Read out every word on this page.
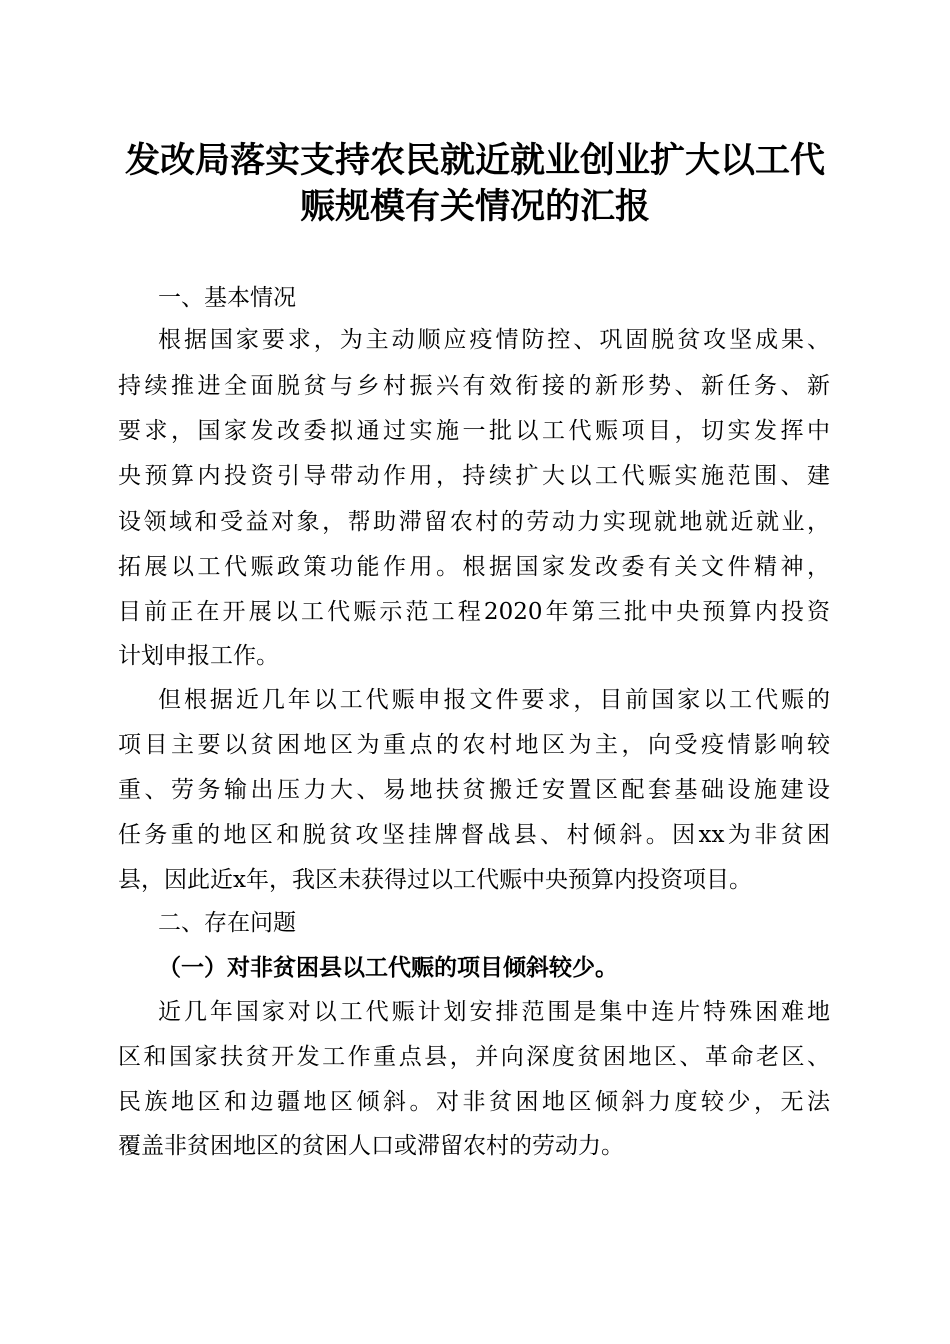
发改局落实支持农民就近就业创业扩大以工代
赈规模有关情况的汇报
一、基本情况

根据国家要求，为主动顺应疫情防控、巩固脱贫攻坚成果、

持续推进全面脱贫与乡村振兴有效衔接的新形势、新任务、新

要求，国家发改委拟通过实施一批以工代赈项目，切实发挥中

央预算内投资引导带动作用，持续扩大以工代赈实施范围、建

设领域和受益对象，帮助滞留农村的劳动力实现就地就近就业，

拓展以工代赈政策功能作用。根据国家发改委有关文件精神，

目前正在开展以工代赈示范工程2020年第三批中央预算内投资

计划申报工作。

但根据近几年以工代赈申报文件要求，目前国家以工代赈的

项目主要以贫困地区为重点的农村地区为主，向受疫情影响较

重、劳务输出压力大、易地扶贫搬迁安置区配套基础设施建设

任务重的地区和脱贫攻坚挂牌督战县、村倾斜。因xx为非贫困

县，因此近x年，我区未获得过以工代赈中央预算内投资项目。

二、存在问题
（一）对非贫困县以工代赈的项目倾斜较少。

近几年国家对以工代赈计划安排范围是集中连片特殊困难地

区和国家扶贫开发工作重点县，并向深度贫困地区、革命老区、

民族地区和边疆地区倾斜。对非贫困地区倾斜力度较少，无法

覆盖非贫困地区的贫困人口或滞留农村的劳动力。
